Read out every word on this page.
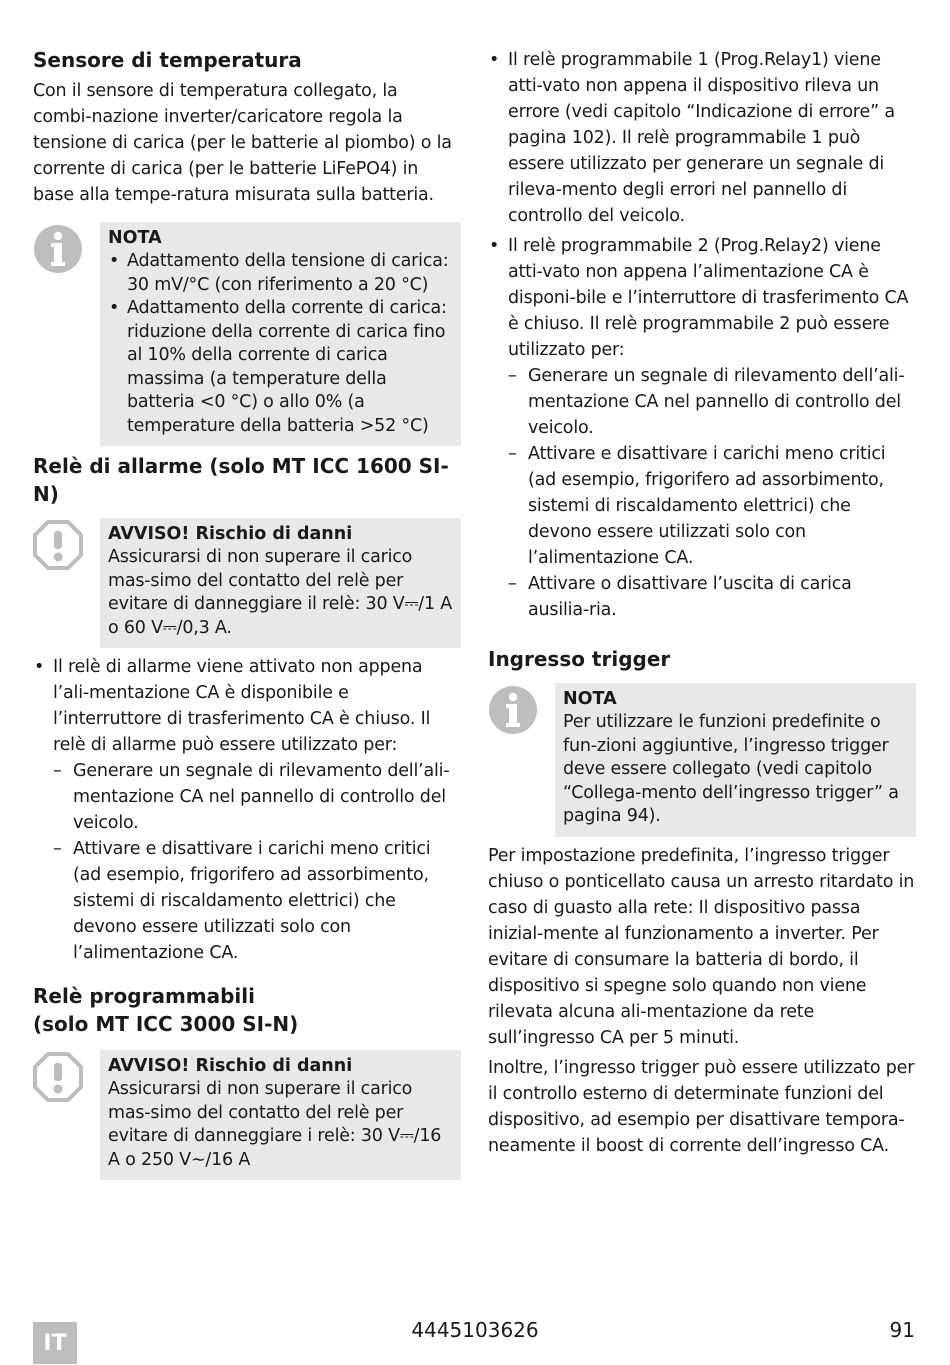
Sensore di temperatura

Con il sensore di temperatura collegato, la combi-nazione inverter/caricatore regola la tensione di carica (per le batterie al piombo) o la corrente di carica (per le batterie LiFePO4) in base alla tempe-ratura misurata sulla batteria.

NOTA
• Adattamento della tensione di carica: 30 mV/°C (con riferimento a 20 °C)
• Adattamento della corrente di carica: riduzione della corrente di carica fino al 10% della corrente di carica massima (a temperature della batteria <0 °C) o allo 0% (a temperature della batteria >52 °C)
Relè di allarme (solo MT ICC 1600 SI-N)
AVVISO! Rischio di danni
Assicurarsi di non superare il carico mas-simo del contatto del relè per evitare di danneggiare il relè: 30 V⎓/1 A o 60 V⎓/0,3 A.
• Il relè di allarme viene attivato non appena l’ali-mentazione CA è disponibile e l’interruttore di trasferimento CA è chiuso. Il relè di allarme può essere utilizzato per:
– Generare un segnale di rilevamento dell’ali-mentazione CA nel pannello di controllo del veicolo.
– Attivare e disattivare i carichi meno critici (ad esempio, frigorifero ad assorbimento, sistemi di riscaldamento elettrici) che devono essere utilizzati solo con l’alimentazione CA.
Relè programmabili
(solo MT ICC 3000 SI-N)
AVVISO! Rischio di danni
Assicurarsi di non superare il carico mas-simo del contatto del relè per evitare di danneggiare i relè: 30 V⎓/16 A o 250 V∼/16 A
• Il relè programmabile 1 (Prog.Relay1) viene atti-vato non appena il dispositivo rileva un errore (vedi capitolo “Indicazione di errore” a pagina 102). Il relè programmabile 1 può essere utilizzato per generare un segnale di rileva-mento degli errori nel pannello di controllo del veicolo.
• Il relè programmabile 2 (Prog.Relay2) viene atti-vato non appena l’alimentazione CA è disponi-bile e l’interruttore di trasferimento CA è chiuso. Il relè programmabile 2 può essere utilizzato per:
– Generare un segnale di rilevamento dell’ali-mentazione CA nel pannello di controllo del veicolo.
– Attivare e disattivare i carichi meno critici (ad esempio, frigorifero ad assorbimento, sistemi di riscaldamento elettrici) che devono essere utilizzati solo con l’alimentazione CA.
– Attivare o disattivare l’uscita di carica ausilia-ria.
Ingresso trigger
NOTA
Per utilizzare le funzioni predefinite o fun-zioni aggiuntive, l’ingresso trigger deve essere collegato (vedi capitolo “Collega-mento dell’ingresso trigger” a pagina 94).

Per impostazione predefinita, l’ingresso trigger chiuso o ponticellato causa un arresto ritardato in caso di guasto alla rete: Il dispositivo passa inizial-mente al funzionamento a inverter. Per evitare di consumare la batteria di bordo, il dispositivo si spegne solo quando non viene rilevata alcuna ali-mentazione da rete sull’ingresso CA per 5 minuti.

Inoltre, l’ingresso trigger può essere utilizzato per il controllo esterno di determinate funzioni del dispositivo, ad esempio per disattivare tempora-neamente il boost di corrente dell’ingresso CA.

IT
4445103626	91
